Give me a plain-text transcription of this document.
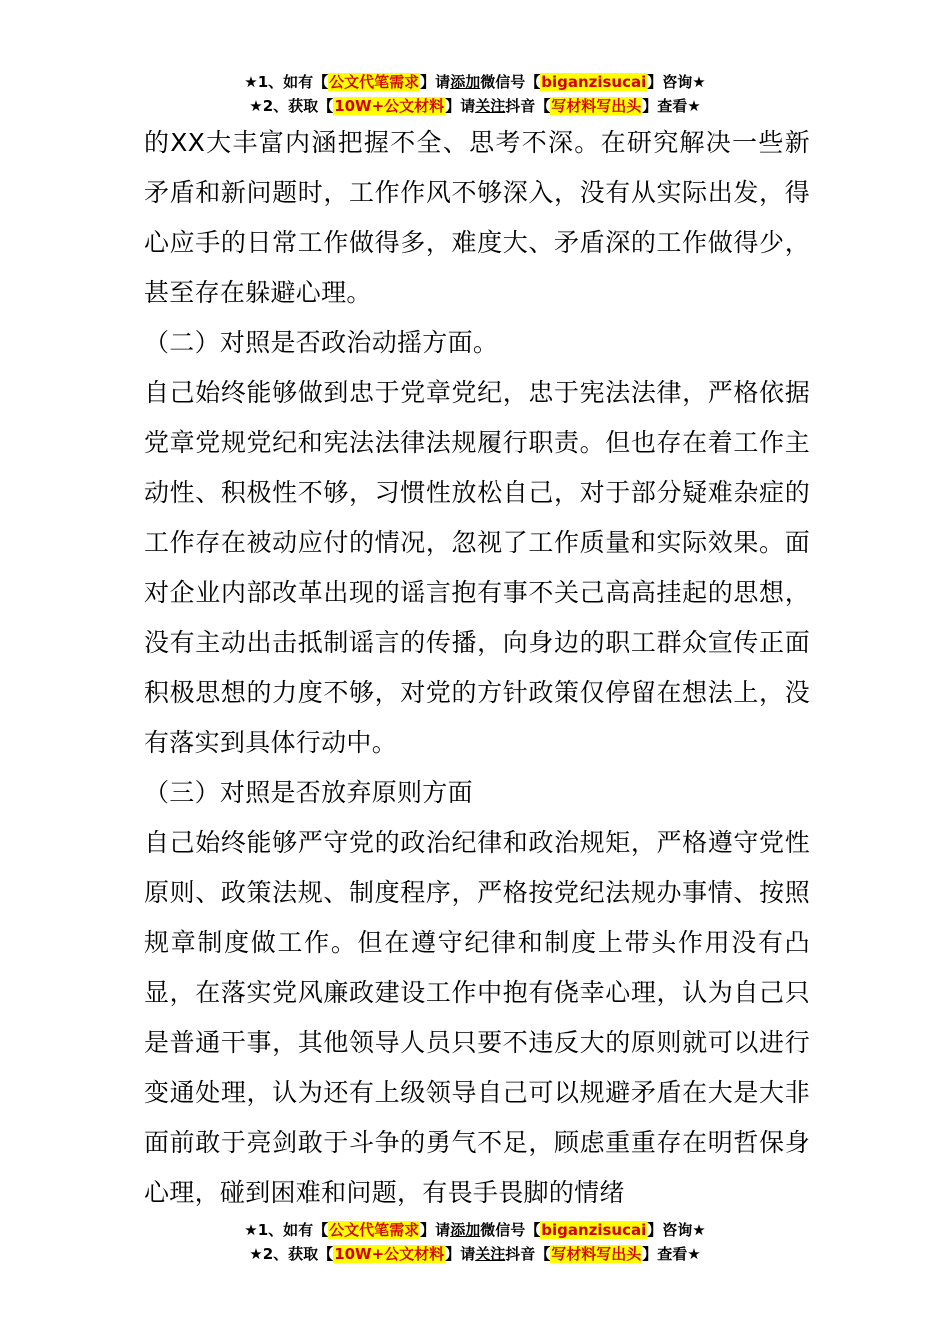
★1、如有【公文代笔需求】请添加微信号【biganzisucai】咨询★
★2、获取【10W+公文材料】请关注抖音【写材料写出头】查看★

的XX大丰富内涵把握不全、思考不深。在研究解决一些新矛盾和新问题时，工作作风不够深入，没有从实际出发，得心应手的日常工作做得多，难度大、矛盾深的工作做得少，甚至存在躲避心理。

（二）对照是否政治动摇方面。

自己始终能够做到忠于党章党纪，忠于宪法法律，严格依据党章党规党纪和宪法法律法规履行职责。但也存在着工作主动性、积极性不够，习惯性放松自己，对于部分疑难杂症的工作存在被动应付的情况，忽视了工作质量和实际效果。面对企业内部改革出现的谣言抱有事不关己高高挂起的思想，没有主动出击抵制谣言的传播，向身边的职工群众宣传正面积极思想的力度不够，对党的方针政策仅停留在想法上，没有落实到具体行动中。

（三）对照是否放弃原则方面

自己始终能够严守党的政治纪律和政治规矩，严格遵守党性原则、政策法规、制度程序，严格按党纪法规办事情、按照规章制度做工作。但在遵守纪律和制度上带头作用没有凸显，在落实党风廉政建设工作中抱有侥幸心理，认为自己只是普通干事，其他领导人员只要不违反大的原则就可以进行变通处理，认为还有上级领导自己可以规避矛盾在大是大非面前敢于亮剑敢于斗争的勇气不足，顾虑重重存在明哲保身心理，碰到困难和问题，有畏手畏脚的情绪

★1、如有【公文代笔需求】请添加微信号【biganzisucai】咨询★
★2、获取【10W+公文材料】请关注抖音【写材料写出头】查看★
